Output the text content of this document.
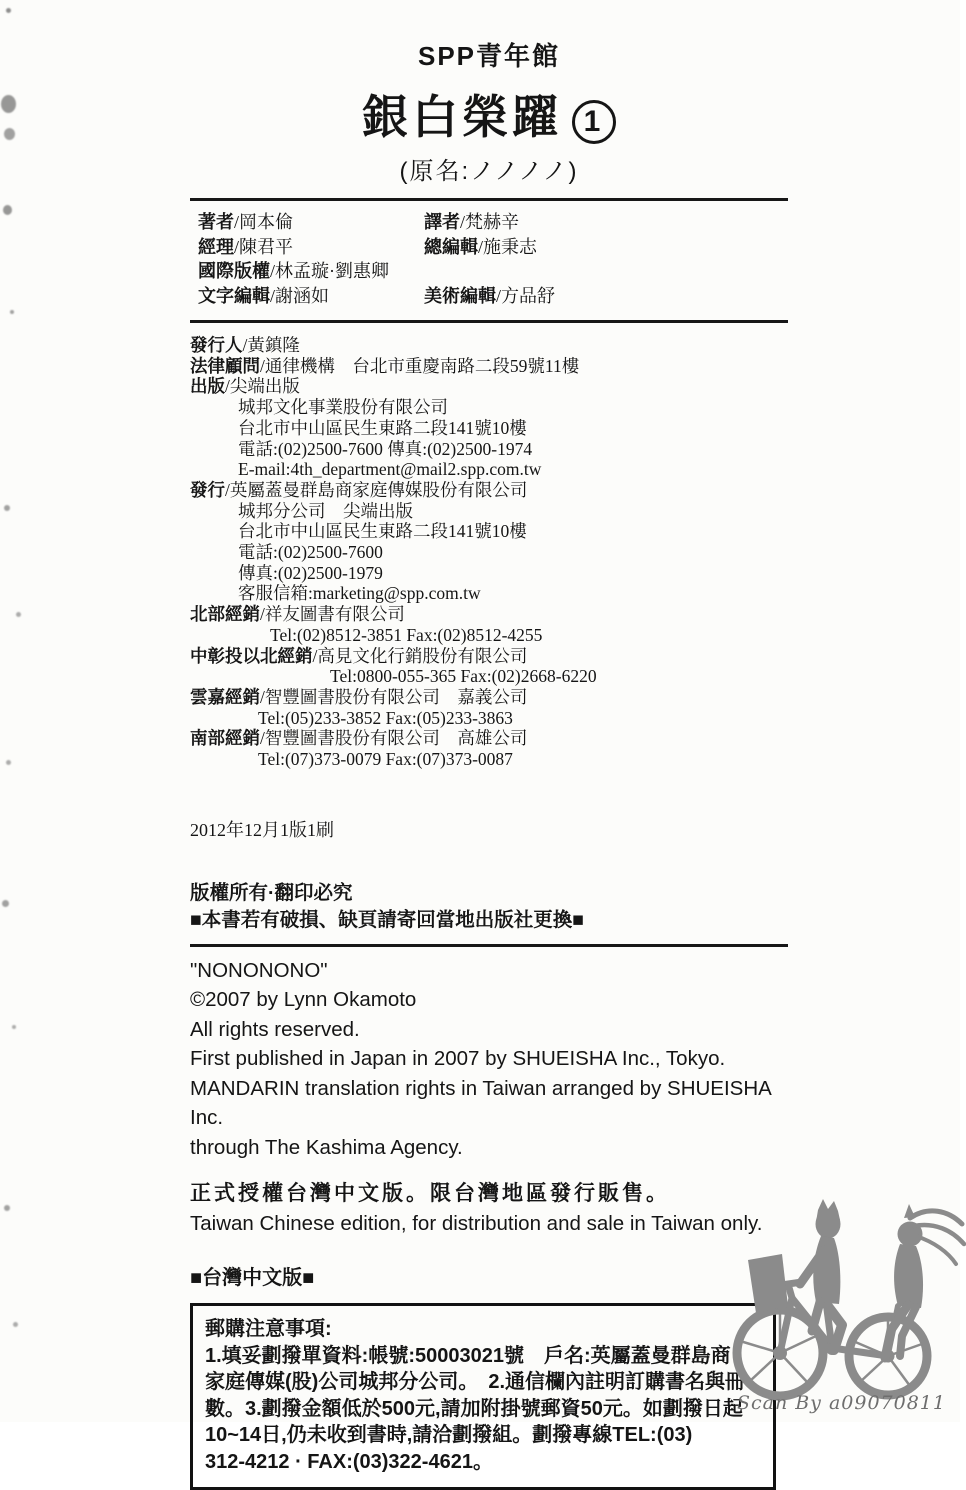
SPP青年館
銀白榮躍 1
(原名:ノノノノ)
著者/岡本倫	譯者/梵赫辛
經理/陳君平	總編輯/施秉志
國際版權/林孟璇·劉惠卿
文字編輯/謝涵如	美術編輯/方品舒
發行人/黃鎮隆
法律顧問/通律機構　台北市重慶南路二段59號11樓
出版/尖端出版
城邦文化事業股份有限公司
台北市中山區民生東路二段141號10樓
電話:(02)2500-7600 傳真:(02)2500-1974
E-mail:4th_department@mail2.spp.com.tw
發行/英屬蓋曼群島商家庭傳媒股份有限公司
城邦分公司　尖端出版
台北市中山區民生東路二段141號10樓
電話:(02)2500-7600
傳真:(02)2500-1979
客服信箱:marketing@spp.com.tw
北部經銷/祥友圖書有限公司
Tel:(02)8512-3851 Fax:(02)8512-4255
中彰投以北經銷/高見文化行銷股份有限公司
Tel:0800-055-365 Fax:(02)2668-6220
雲嘉經銷/智豐圖書股份有限公司　嘉義公司
Tel:(05)233-3852 Fax:(05)233-3863
南部經銷/智豐圖書股份有限公司　高雄公司
Tel:(07)373-0079 Fax:(07)373-0087
2012年12月1版1刷
版權所有·翻印必究
■本書若有破損、缺頁請寄回當地出版社更換■
"NONONONO"
©2007 by Lynn Okamoto
All rights reserved.
First published in Japan in 2007 by SHUEISHA Inc., Tokyo.
MANDARIN translation rights in Taiwan arranged by SHUEISHA Inc.
through The Kashima Agency.
正式授權台灣中文版。限台灣地區發行販售。
Taiwan Chinese edition, for distribution and sale in Taiwan only.
■台灣中文版■
郵購注意事項:
1.填妥劃撥單資料:帳號:50003021號　戶名:英屬蓋曼群島商
家庭傳媒(股)公司城邦分公司。　2.通信欄內註明訂購書名與冊
數。3.劃撥金額低於500元,請加附掛號郵資50元。如劃撥日起
10~14日,仍未收到書時,請洽劃撥組。劃撥專線TEL:(03)
312-4212 · FAX:(03)322-4621。
Scan By a09070811
